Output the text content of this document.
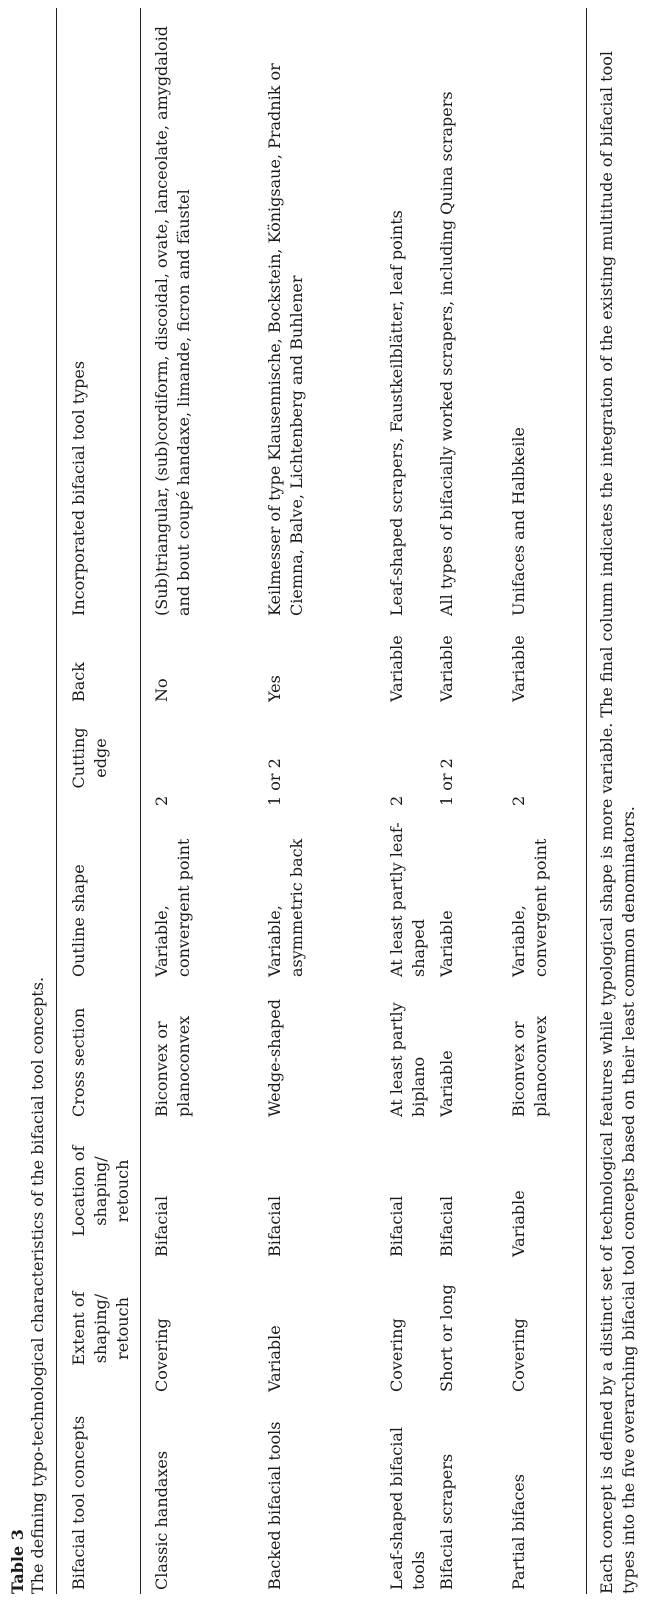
Table 3 The defining typo-technological characteristics of the bifacial tool concepts. Bifacial tool concepts	Extent of shaping/ retouch	Location of shaping/ retouch	Cross section	Outline shape	Cutting edge	Back	Incorporated bifacial tool types

Classic handaxes	Covering	Bifacial	Biconvex or planoconvex	Variable, convergent point	2	No	(Sub)triangular, (sub)cordiform, discoidal, ovate, lanceolate, amygdaloid and bout coupé handaxe, limande, ficron and fäustel
Backed bifacial tools	Variable	Bifacial	Wedge-shaped	Variable, asymmetric back	1 or 2	Yes	Keilmesser of type Klausennische, Bockstein, Königsaue, Pradnik or Ciemna, Balve, Lichtenberg and Buhlener
Leaf-shaped bifacial tools	Covering	Bifacial	At least partly biplano	At least partly leaf-shaped	2	Variable	Leaf-shaped scrapers, Faustkeilblätter, leaf points
Bifacial scrapers	Short or long	Bifacial	Variable	Variable	1 or 2	Variable	All types of bifacially worked scrapers, including Quina scrapers
Partial bifaces	Covering	Variable	Biconvex or planoconvex	Variable, convergent point	2	Variable	Unifaces and Halbkeile	Each concept is defined by a distinct set of technological features while typological shape is more variable. The final column indicates the integration of the existing multitude of bifacial tool types into the five overarching bifacial tool concepts based on their least common denominators.
